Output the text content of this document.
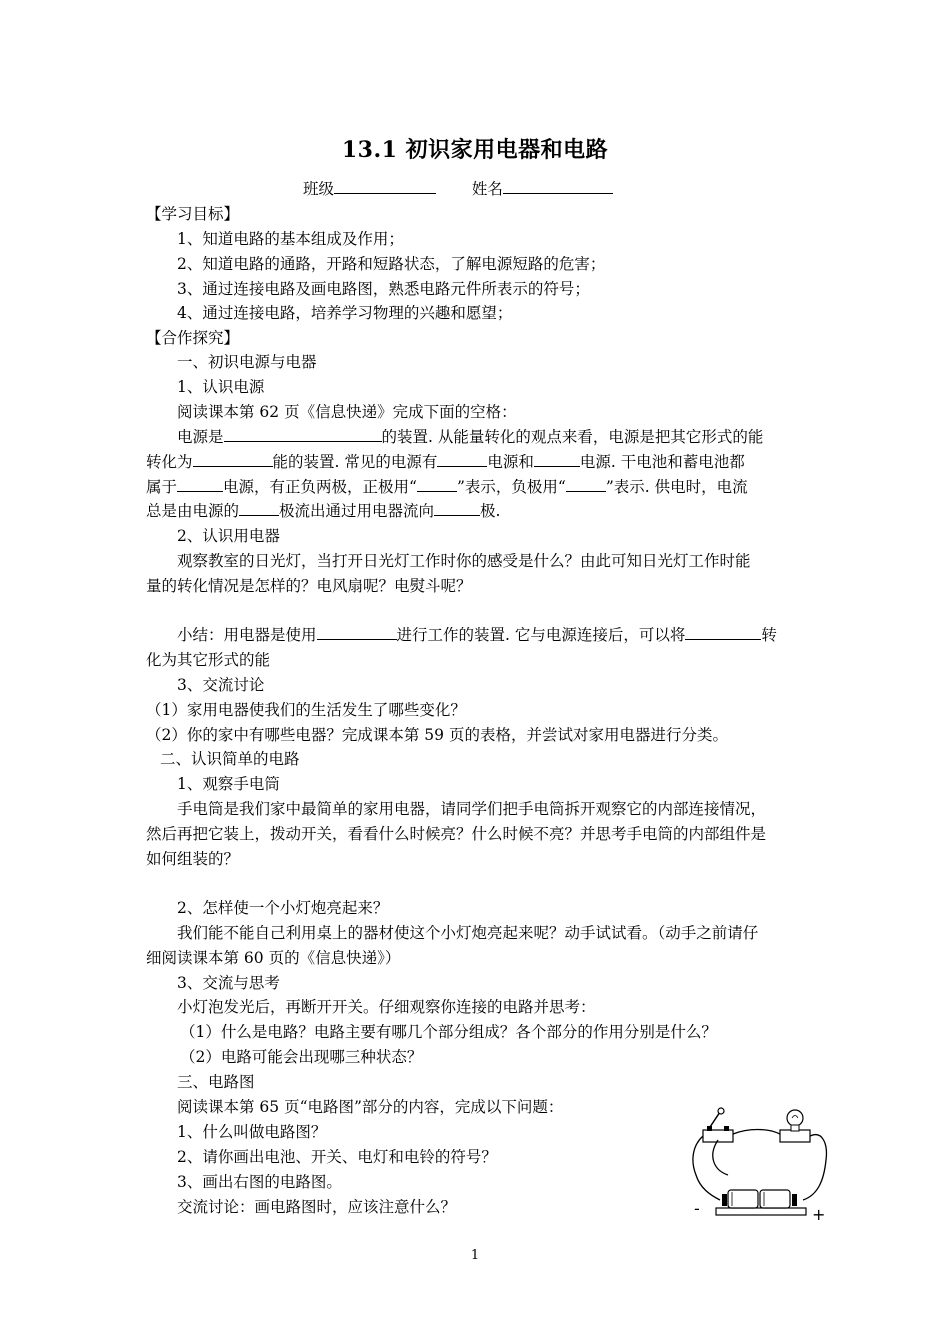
13.1 初识家用电器和电路
班级	姓名
【学习目标】
1、知道电路的基本组成及作用；
2、知道电路的通路，开路和短路状态，了解电源短路的危害；
3、通过连接电路及画电路图，熟悉电路元件所表示的符号；
4、通过连接电路，培养学习物理的兴趣和愿望；
【合作探究】
一、初识电源与电器
1、认识电源
阅读课本第 62 页《信息快递》完成下面的空格：
电源是	的装置. 从能量转化的观点来看，电源是把其它形式的能
转化为	能的装置. 常见的电源有	电源和	电源. 干电池和蓄电池都
属于	电源，有正负两极，正极用“	”表示，负极用“	”表示. 供电时，电流
总是由电源的	极流出通过用电器流向	极.
2、认识用电器
观察教室的日光灯，当打开日光灯工作时你的感受是什么？由此可知日光灯工作时能
量的转化情况是怎样的？电风扇呢？电熨斗呢？
小结：用电器是使用	进行工作的装置. 它与电源连接后，可以将	转
化为其它形式的能
3、交流讨论
（1）家用电器使我们的生活发生了哪些变化？
（2）你的家中有哪些电器？完成课本第 59 页的表格，并尝试对家用电器进行分类。
二、认识简单的电路
1、观察手电筒
手电筒是我们家中最简单的家用电器，请同学们把手电筒拆开观察它的内部连接情况，
然后再把它装上，拨动开关，看看什么时候亮？什么时候不亮？并思考手电筒的内部组件是
如何组装的？
2、怎样使一个小灯炮亮起来？
我们能不能自己利用桌上的器材使这个小灯炮亮起来呢？动手试试看。（动手之前请仔
细阅读课本第 60 页的《信息快递》）
3、交流与思考
小灯泡发光后，再断开开关。仔细观察你连接的电路并思考：
（1）什么是电路？电路主要有哪几个部分组成？各个部分的作用分别是什么？
（2）电路可能会出现哪三种状态？
三、电路图
阅读课本第 65 页“电路图”部分的内容，完成以下问题：
1、什么叫做电路图？
2、请你画出电池、开关、电灯和电铃的符号？
3、画出右图的电路图。
交流讨论：画电路图时，应该注意什么？	-	+
1
